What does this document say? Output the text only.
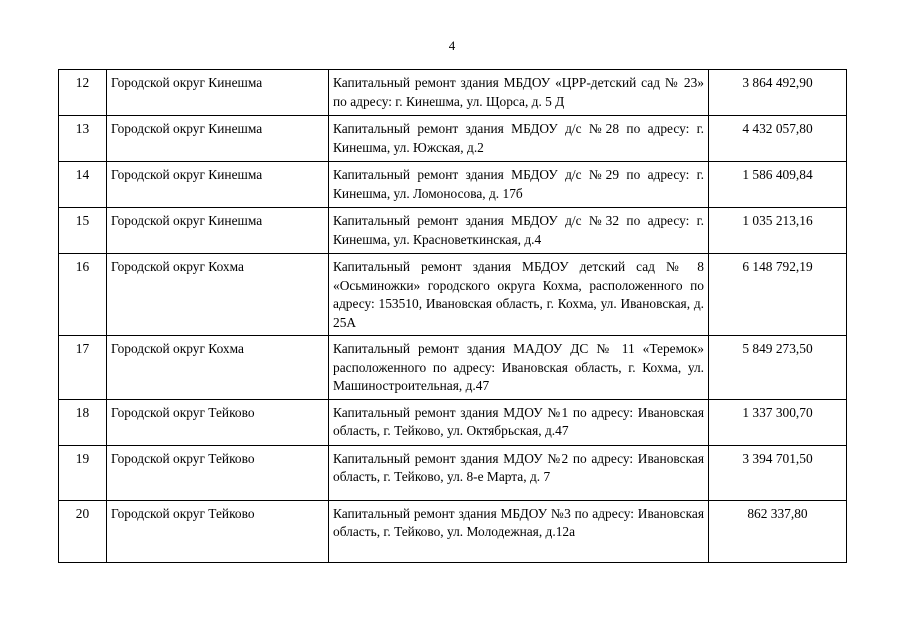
4
12	Городской округ Кинешма	Капитальный ремонт здания МБДОУ «ЦРР-детский сад № 23» по адресу: г. Кинешма, ул. Щорса, д. 5 Д	3 864 492,90
13	Городской округ Кинешма	Капитальный ремонт здания МБДОУ д/с №28 по адресу: г. Кинешма, ул. Южская, д.2	4 432 057,80
14	Городской округ Кинешма	Капитальный ремонт здания МБДОУ д/с №29 по адресу: г. Кинешма, ул. Ломоносова, д. 17б	1 586 409,84
15	Городской округ Кинешма	Капитальный ремонт здания МБДОУ д/с №32 по адресу: г. Кинешма, ул. Красноветкинская, д.4	1 035 213,16
16	Городской округ Кохма	Капитальный ремонт здания МБДОУ детский сад № 8 «Осьминожки» городского округа Кохма, расположенного по адресу: 153510, Ивановская область, г. Кохма, ул. Ивановская, д. 25А	6 148 792,19
17	Городской округ Кохма	Капитальный ремонт здания МАДОУ ДС № 11 «Теремок» расположенного по адресу: Ивановская область, г. Кохма, ул. Машиностроительная, д.47	5 849 273,50
18	Городской округ Тейково	Капитальный ремонт здания МДОУ №1 по адресу: Ивановская область, г. Тейково, ул. Октябрьская, д.47	1 337 300,70
19	Городской округ Тейково	Капитальный ремонт здания МДОУ №2 по адресу: Ивановская область, г. Тейково, ул. 8-е Марта, д. 7	3 394 701,50
20	Городской округ Тейково	Капитальный ремонт здания МБДОУ №3 по адресу: Ивановская область, г. Тейково, ул. Молодежная, д.12а	862 337,80
